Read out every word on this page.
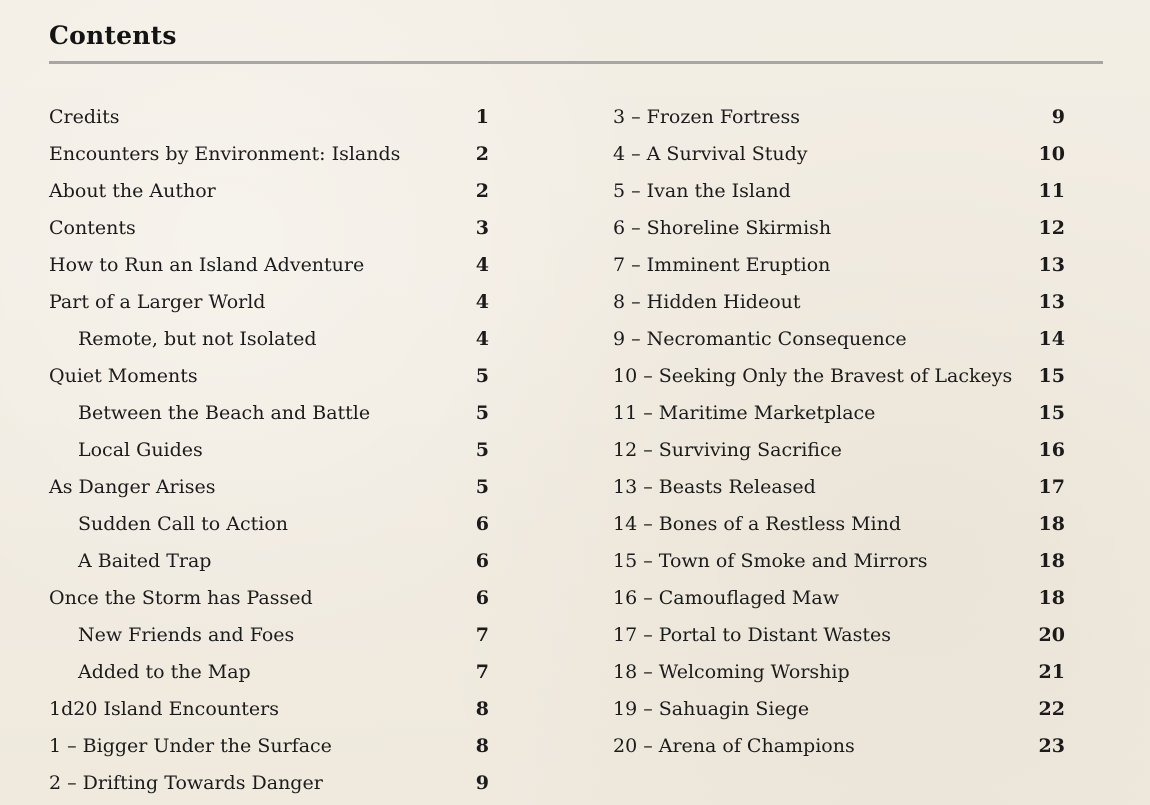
Contents
Credits	1
Encounters by Environment: Islands	2
About the Author	2
Contents	3
How to Run an Island Adventure	4
Part of a Larger World	4
Remote, but not Isolated	4
Quiet Moments	5
Between the Beach and Battle	5
Local Guides	5
As Danger Arises	5
Sudden Call to Action	6
A Baited Trap	6
Once the Storm has Passed	6
New Friends and Foes	7
Added to the Map	7
1d20 Island Encounters	8
1 – Bigger Under the Surface	8
2 – Drifting Towards Danger	9
3 – Frozen Fortress	9
4 – A Survival Study	10
5 – Ivan the Island	11
6 – Shoreline Skirmish	12
7 – Imminent Eruption	13
8 – Hidden Hideout	13
9 – Necromantic Consequence	14
10 – Seeking Only the Bravest of Lackeys 15
11 – Maritime Marketplace	15
12 – Surviving Sacrifice	16
13 – Beasts Released	17
14 – Bones of a Restless Mind	18
15 – Town of Smoke and Mirrors	18
16 – Camouflaged Maw	18
17 – Portal to Distant Wastes	20
18 – Welcoming Worship	21
19 – Sahuagin Siege	22
20 – Arena of Champions	23
